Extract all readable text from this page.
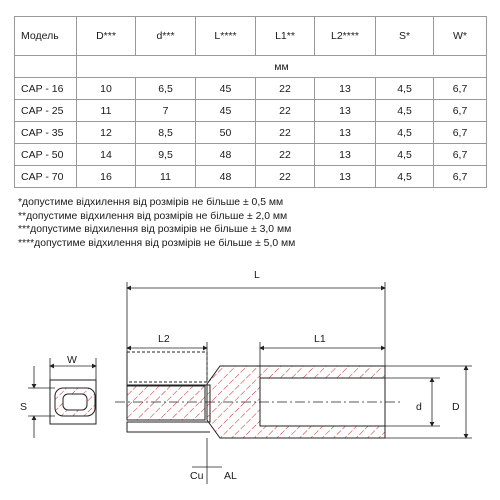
Модель	D***	d***	L****	L1**	L2****	S*	W*
	мм						
CAP - 16	10	6,5	45	22	13	4,5	6,7
CAP - 25	11	7	45	22	13	4,5	6,7
CAP - 35	12	8,5	50	22	13	4,5	6,7
CAP - 50	14	9,5	48	22	13	4,5	6,7
CAP - 70	16	11	48	22	13	4,5	6,7
*допустиме відхилення від розмірів не більше ± 0,5 мм
**допустиме відхилення від розмірів не більше ± 2,0 мм
***допустиме відхилення від розмірів не більше ± 3,0 мм
****допустиме відхилення від розмірів не більше ± 5,0 мм
W
S
Cu AL
L
L2	L1
d	D
